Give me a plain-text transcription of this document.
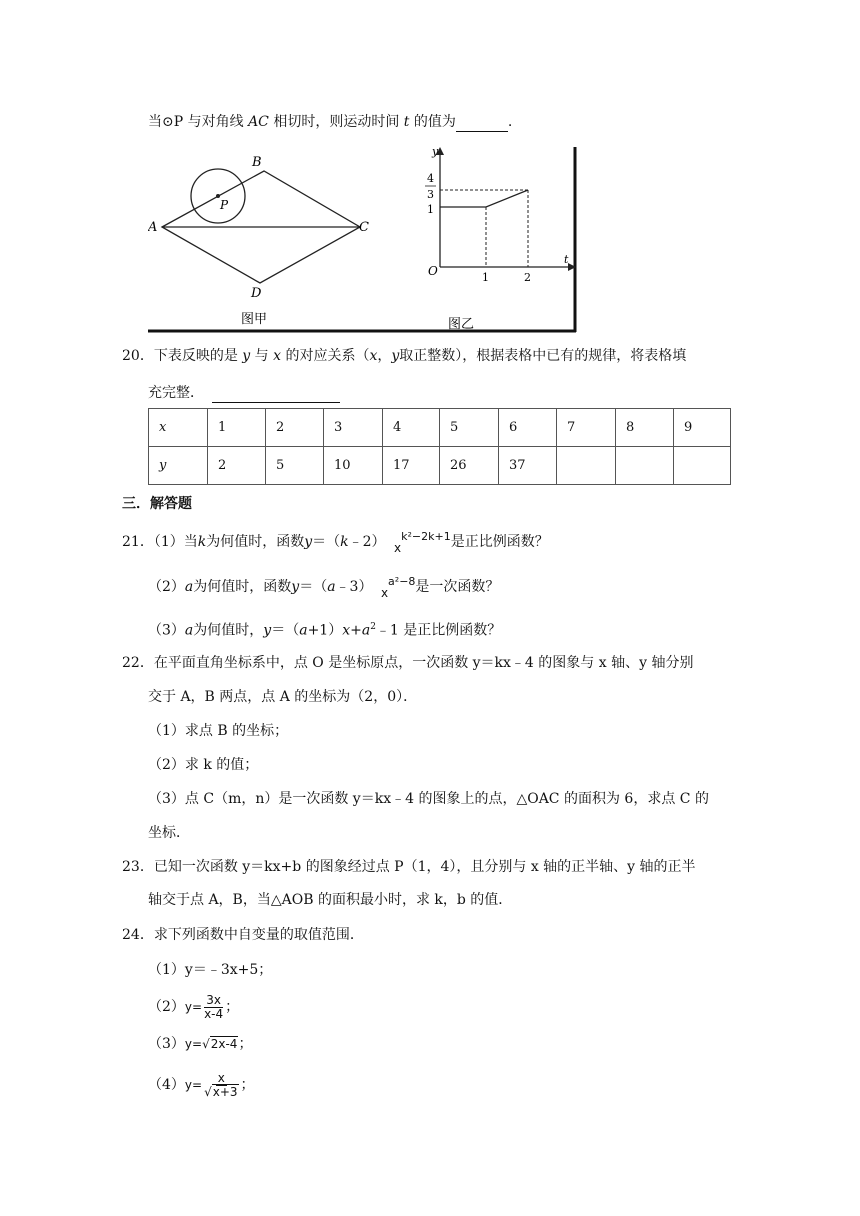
当⊙P 与对角线 AC 相切时，则运动时间 t 的值为	.
A
B
C
D
P
图甲
y
t
O
4
3
1
1	2
图乙
20．下表反映的是 y 与 x 的对应关系（x，y取正整数），根据表格中已有的规律，将表格填
充完整．
x	1	2	3	4	5	6	7	8	9
y	2	5	10	17	26	37			
三．解答题
21．（1）当k为何值时，函数y＝（k﹣2） $x^{k^2-2k+1}$是正比例函数？
（2）a为何值时，函数y＝（a﹣3） $x^{a^2-8}$是一次函数？
（3）a为何值时，$y=(a+1)x+a^2﹣1$ 是正比例函数？
22．在平面直角坐标系中，点 O 是坐标原点，一次函数 y＝kx﹣4 的图象与 x 轴、y 轴分别
交于 A，B 两点，点 A 的坐标为（2，0）．
（1）求点 B 的坐标；
（2）求 k 的值；
（3）点 C（m，n）是一次函数 y＝kx﹣4 的图象上的点，△OAC 的面积为 6，求点 C 的
坐标．
23．已知一次函数 y＝kx+b 的图象经过点 P（1，4），且分别与 x 轴的正半轴、y 轴的正半
轴交于点 A，B，当△AOB 的面积最小时，求 k，b 的值．
24．求下列函数中自变量的取值范围．
（1）y＝﹣3x+5；
$(2)y= \frac{3x}{x-4}$ ；
（3）y=√2x-4；
$(4)y= \frac{x}{√x+3}$ ；
